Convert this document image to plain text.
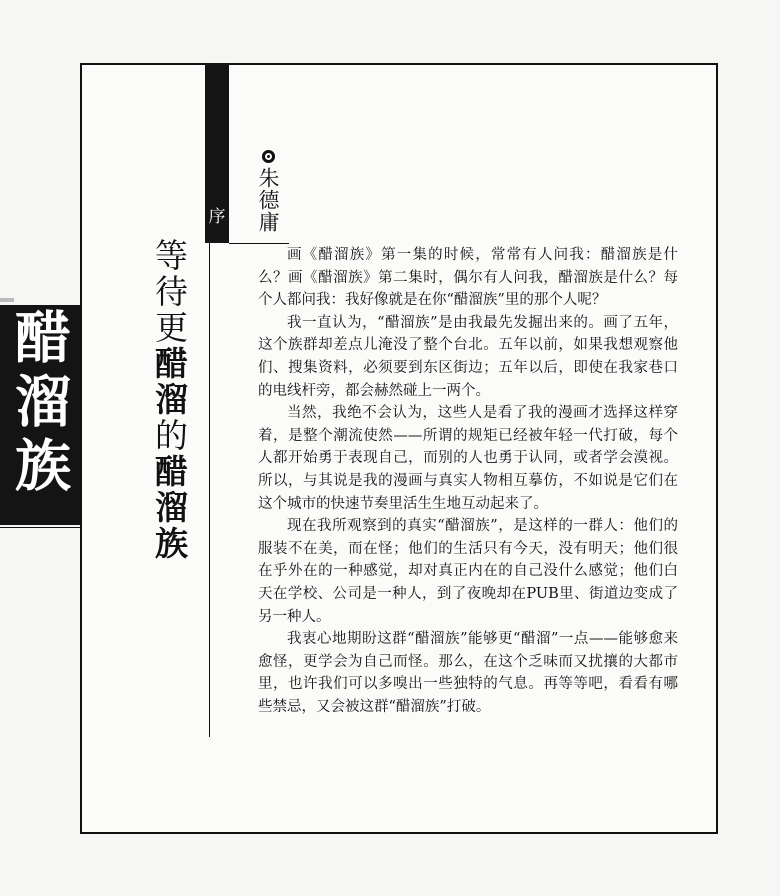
醋溜族
序 朱德庸
等待更醋溜的醋溜族

画《醋溜族》第一集的时候，常常有人问我：醋溜族是什么？画《醋溜族》第二集时，偶尔有人问我，醋溜族是什么？每个人都问我：我好像就是在你“醋溜族”里的那个人呢？

我一直认为，“醋溜族”是由我最先发掘出来的。画了五年，这个族群却差点儿淹没了整个台北。五年以前，如果我想观察他们、搜集资料，必须要到东区街边；五年以后，即使在我家巷口的电线杆旁，都会赫然碰上一两个。

当然，我绝不会认为，这些人是看了我的漫画才选择这样穿着，是整个潮流使然——所谓的规矩已经被年轻一代打破，每个人都开始勇于表现自己，而别的人也勇于认同，或者学会漠视。所以，与其说是我的漫画与真实人物相互摹仿，不如说是它们在这个城市的快速节奏里活生生地互动起来了。

现在我所观察到的真实“醋溜族”，是这样的一群人：他们的服装不在美，而在怪；他们的生活只有今天，没有明天；他们很在乎外在的一种感觉，却对真正内在的自己没什么感觉；他们白天在学校、公司是一种人，到了夜晚却在PUB里、街道边变成了另一种人。

我衷心地期盼这群“醋溜族”能够更“醋溜”一点——能够愈来愈怪，更学会为自己而怪。那么，在这个乏味而又扰攘的大都市里，也许我们可以多嗅出一些独特的气息。再等等吧，看看有哪些禁忌，又会被这群“醋溜族”打破。
